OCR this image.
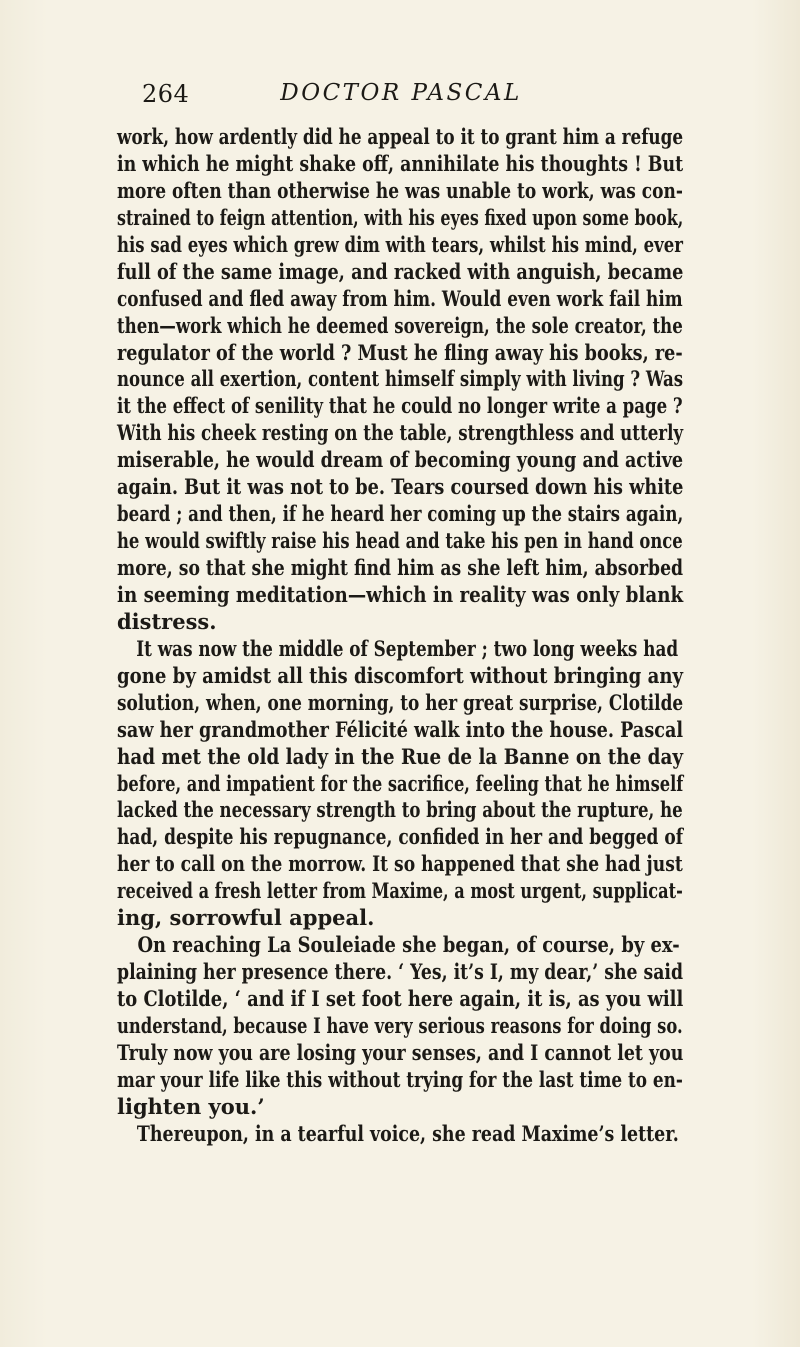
264	DOCTOR PASCAL
work, how ardently did he appeal to it to grant him a refuge
in which he might shake off, annihilate his thoughts ! But
more often than otherwise he was unable to work, was con-
strained to feign attention, with his eyes fixed upon some book,
his sad eyes which grew dim with tears, whilst his mind, ever
full of the same image, and racked with anguish, became
confused and fled away from him. Would even work fail him
then—work which he deemed sovereign, the sole creator, the
regulator of the world ? Must he fling away his books, re-
nounce all exertion, content himself simply with living ? Was
it the effect of senility that he could no longer write a page ?
With his cheek resting on the table, strengthless and utterly
miserable, he would dream of becoming young and active
again. But it was not to be. Tears coursed down his white
beard ; and then, if he heard her coming up the stairs again,
he would swiftly raise his head and take his pen in hand once
more, so that she might find him as she left him, absorbed
in seeming meditation—which in reality was only blank
distress.
It was now the middle of September ; two long weeks had
gone by amidst all this discomfort without bringing any
solution, when, one morning, to her great surprise, Clotilde
saw her grandmother Félicité walk into the house. Pascal
had met the old lady in the Rue de la Banne on the day
before, and impatient for the sacrifice, feeling that he himself
lacked the necessary strength to bring about the rupture, he
had, despite his repugnance, confided in her and begged of
her to call on the morrow. It so happened that she had just
received a fresh letter from Maxime, a most urgent, supplicat-
ing, sorrowful appeal.
On reaching La Souleiade she began, of course, by ex-
plaining her presence there. ‘ Yes, it’s I, my dear,’ she said
to Clotilde, ‘ and if I set foot here again, it is, as you will
understand, because I have very serious reasons for doing so.
Truly now you are losing your senses, and I cannot let you
mar your life like this without trying for the last time to en-
lighten you.’
Thereupon, in a tearful voice, she read Maxime’s letter.
